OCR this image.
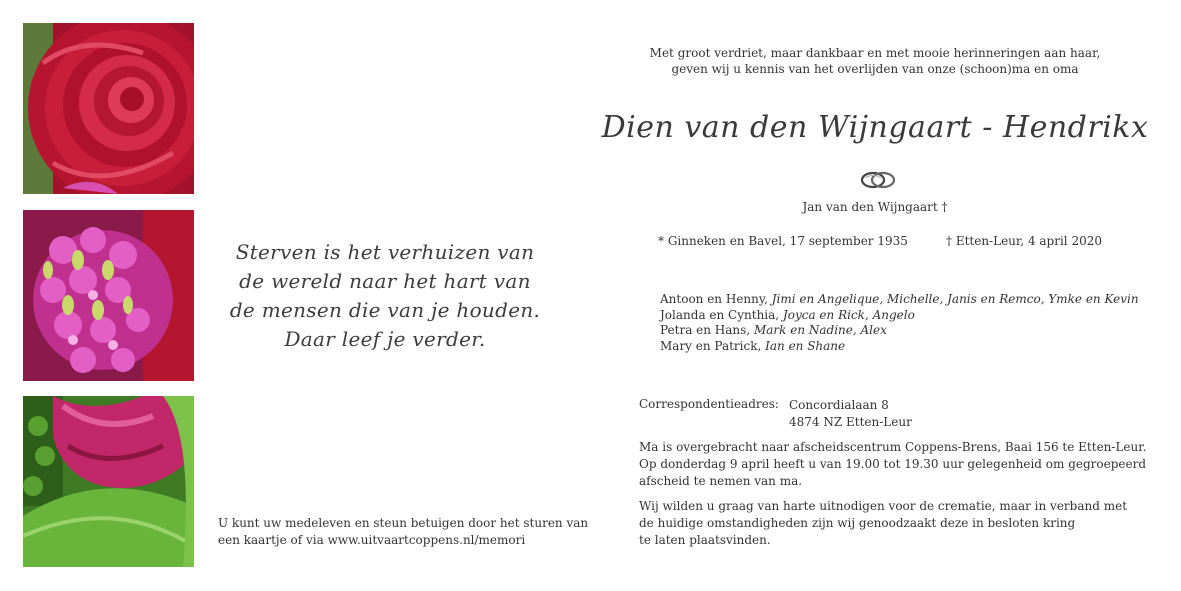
Sterven is het verhuizen van
de wereld naar het hart van
de mensen die van je houden.
Daar leef je verder.
U kunt uw medeleven en steun betuigen door het sturen van
een kaartje of via www.uitvaartcoppens.nl/memori
Met groot verdriet, maar dankbaar en met mooie herinneringen aan haar,
geven wij u kennis van het overlijden van onze (schoon)ma en oma
Dien van den Wijngaart - Hendrikx
Jan van den Wijngaart †
* Ginneken en Bavel, 17 september 1935	† Etten-Leur, 4 april 2020
Antoon en Henny, Jimi en Angelique, Michelle, Janis en Remco, Ymke en Kevin
Jolanda en Cynthia, Joyca en Rick, Angelo
Petra en Hans, Mark en Nadine, Alex
Mary en Patrick, Ian en Shane
Correspondentieadres: Concordialaan 8
4874 NZ Etten-Leur
Ma is overgebracht naar afscheidscentrum Coppens-Brens, Baai 156 te Etten-Leur.
Op donderdag 9 april heeft u van 19.00 tot 19.30 uur gelegenheid om gegroepeerd
afscheid te nemen van ma.
Wij wilden u graag van harte uitnodigen voor de crematie, maar in verband met
de huidige omstandigheden zijn wij genoodzaakt deze in besloten kring
te laten plaatsvinden.
